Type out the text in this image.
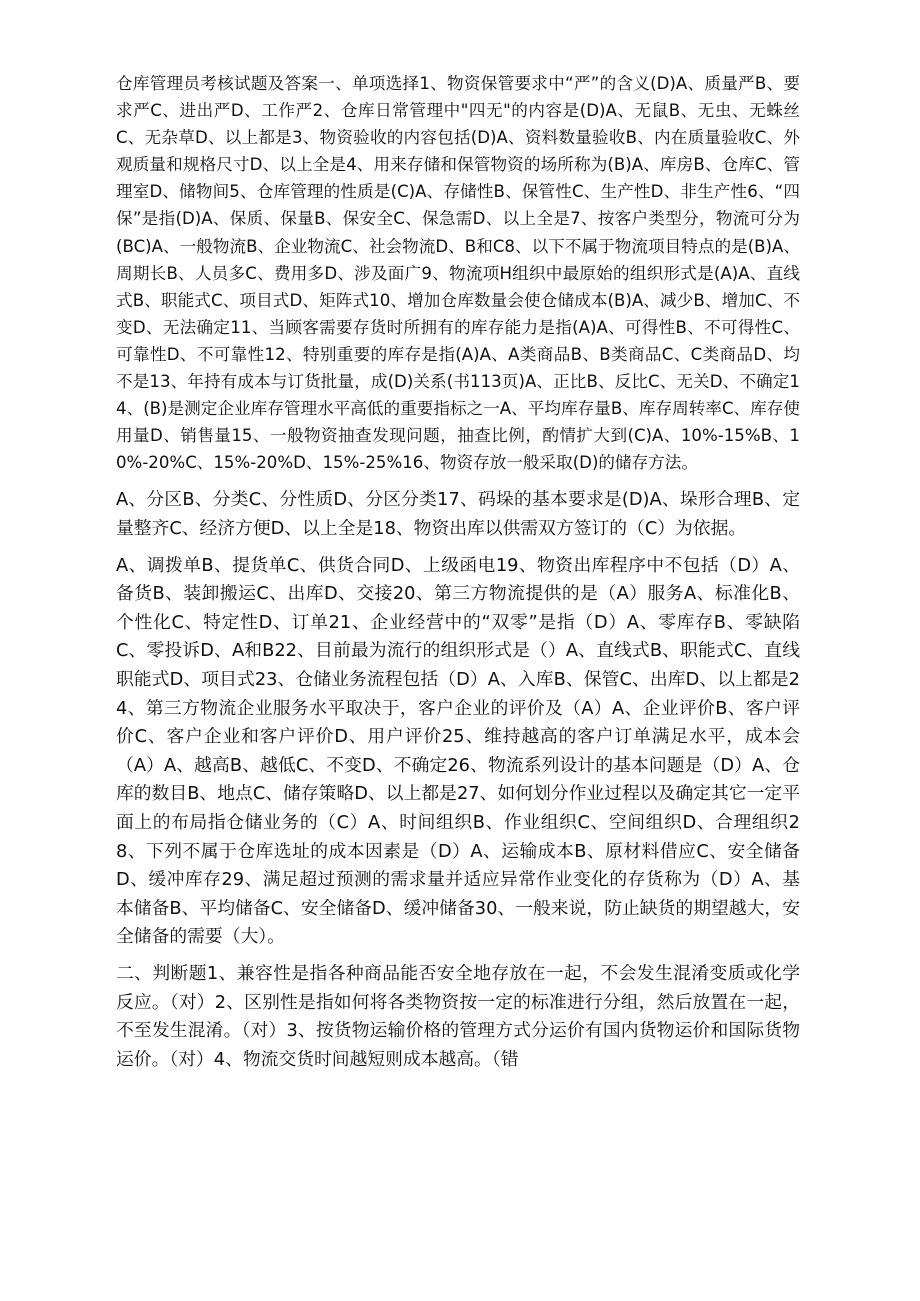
仓库管理员考核试题及答案一、单项选择1、物资保管要求中“严”的含义(D)A、质量严B、要求严C、进出严D、工作严2、仓库日常管理中"四无"的内容是(D)A、无鼠B、无虫、无蛛丝C、无杂草D、以上都是3、物资验收的内容包括(D)A、资料数量验收B、内在质量验收C、外观质量和规格尺寸D、以上全是4、用来存储和保管物资的场所称为(B)A、库房B、仓库C、管理室D、储物间5、仓库管理的性质是(C)A、存储性B、保管性C、生产性D、非生产性6、“四保”是指(D)A、保质、保量B、保安全C、保急需D、以上全是7、按客户类型分，物流可分为(BC)A、一般物流B、企业物流C、社会物流D、B和C8、以下不属于物流项目特点的是(B)A、周期长B、人员多C、费用多D、涉及面广9、物流项H组织中最原始的组织形式是(A)A、直线式B、职能式C、项目式D、矩阵式10、增加仓库数量会使仓储成本(B)A、减少B、增加C、不变D、无法确定11、当顾客需要存货时所拥有的库存能力是指(A)A、可得性B、不可得性C、可靠性D、不可靠性12、特别重要的库存是指(A)A、A类商品B、B类商品C、C类商品D、均不是13、年持有成本与订货批量，成(D)关系(书113页)A、正比B、反比C、无关D、不确定14、(B)是测定企业库存管理水平高低的重要指标之一A、平均库存量B、库存周转率C、库存使用量D、销售量15、一般物资抽查发现问题，抽查比例，酌情扩大到(C)A、10%-15%B、10%-20%C、15%-20%D、15%-25%16、物资存放一般采取(D)的储存方法。

A、分区B、分类C、分性质D、分区分类17、码垛的基本要求是(D)A、垛形合理B、定量整齐C、经济方便D、以上全是18、物资出库以供需双方签订的（C）为依据。

A、调拨单B、提货单C、供货合同D、上级函电19、物资出库程序中不包括（D）A、备货B、装卸搬运C、出库D、交接20、第三方物流提供的是（A）服务A、标准化B、个性化C、特定性D、订单21、企业经营中的“双零”是指（D）A、零库存B、零缺陷C、零投诉D、A和B22、目前最为流行的组织形式是（）A、直线式B、职能式C、直线职能式D、项目式23、仓储业务流程包括（D）A、入库B、保管C、出库D、以上都是24、第三方物流企业服务水平取决于，客户企业的评价及（A）A、企业评价B、客户评价C、客户企业和客户评价D、用户评价25、维持越高的客户订单满足水平，成本会（A）A、越高B、越低C、不变D、不确定26、物流系列设计的基本问题是（D）A、仓库的数目B、地点C、储存策略D、以上都是27、如何划分作业过程以及确定其它一定平面上的布局指仓储业务的（C）A、时间组织B、作业组织C、空间组织D、合理组织28、下列不属于仓库选址的成本因素是（D）A、运输成本B、原材料借应C、安全储备D、缓冲库存29、满足超过预测的需求量并适应异常作业变化的存货称为（D）A、基本储备B、平均储备C、安全储备D、缓冲储备30、一般来说，防止缺货的期望越大，安全储备的需要（大）。

二、判断题1、兼容性是指各种商品能否安全地存放在一起，不会发生混淆变质或化学反应。（对）2、区别性是指如何将各类物资按一定的标准进行分组，然后放置在一起，不至发生混淆。（对）3、按货物运输价格的管理方式分运价有国内货物运价和国际货物运价。（对）4、物流交货时间越短则成本越高。（错
